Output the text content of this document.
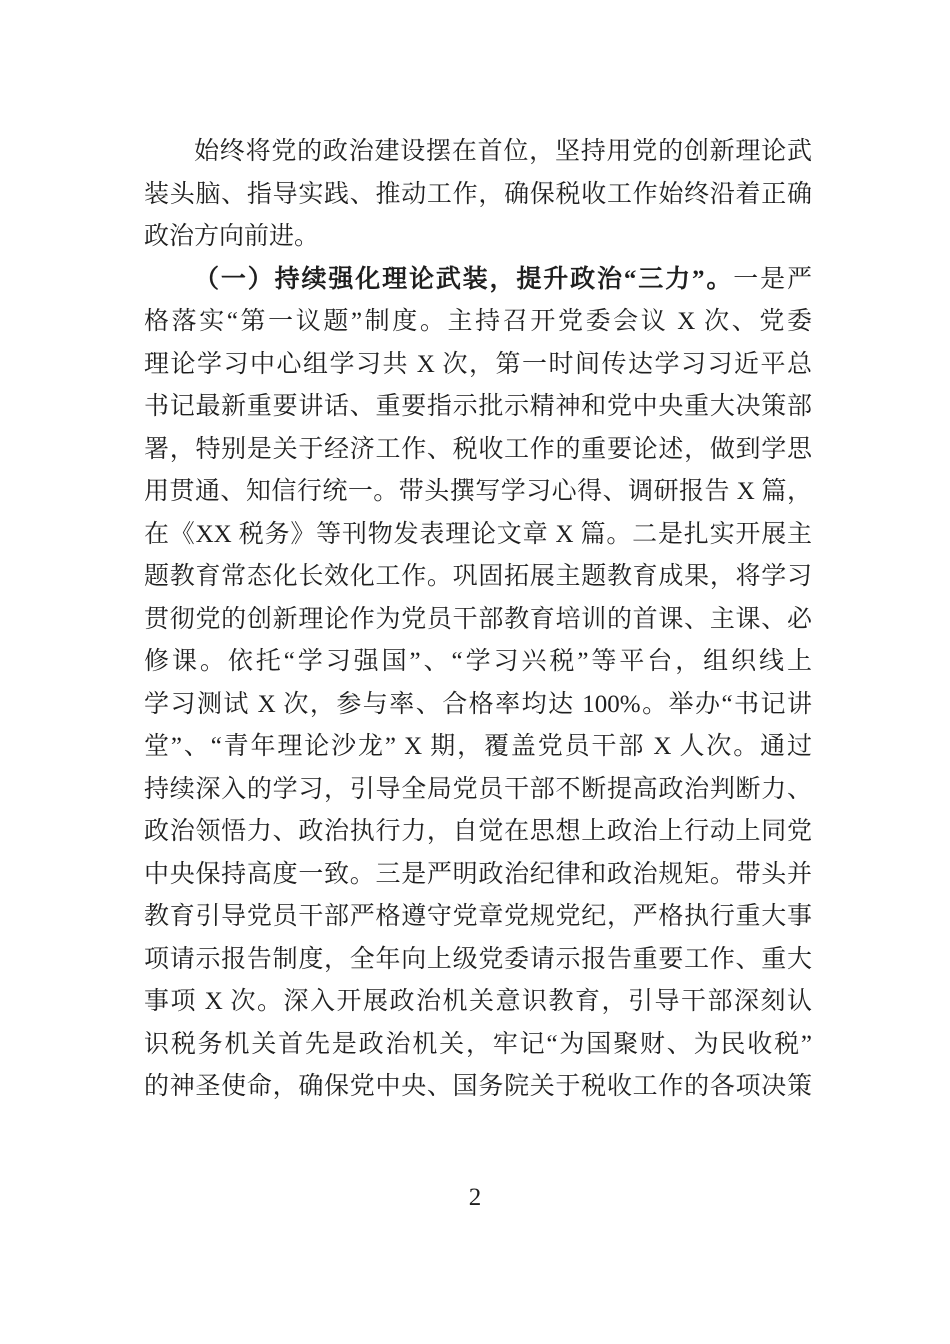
始终将党的政治建设摆在首位，坚持用党的创新理论武
装头脑、指导实践、推动工作，确保税收工作始终沿着正确
政治方向前进。
（一）持续强化理论武装，提升政治“三力”。一是严
格落实“第一议题”制度。主持召开党委会议 X 次、党委
理论学习中心组学习共 X 次，第一时间传达学习习近平总
书记最新重要讲话、重要指示批示精神和党中央重大决策部
署，特别是关于经济工作、税收工作的重要论述，做到学思
用贯通、知信行统一。带头撰写学习心得、调研报告 X 篇，
在《XX 税务》等刊物发表理论文章 X 篇。二是扎实开展主
题教育常态化长效化工作。巩固拓展主题教育成果，将学习
贯彻党的创新理论作为党员干部教育培训的首课、主课、必
修课。依托“学习强国”、“学习兴税”等平台，组织线上
学习测试 X 次，参与率、合格率均达 100%。举办“书记讲
堂”、“青年理论沙龙” X 期，覆盖党员干部 X 人次。通过
持续深入的学习，引导全局党员干部不断提高政治判断力、
政治领悟力、政治执行力，自觉在思想上政治上行动上同党
中央保持高度一致。三是严明政治纪律和政治规矩。带头并
教育引导党员干部严格遵守党章党规党纪，严格执行重大事
项请示报告制度，全年向上级党委请示报告重要工作、重大
事项 X 次。深入开展政治机关意识教育，引导干部深刻认
识税务机关首先是政治机关，牢记“为国聚财、为民收税”
的神圣使命，确保党中央、国务院关于税收工作的各项决策
2
